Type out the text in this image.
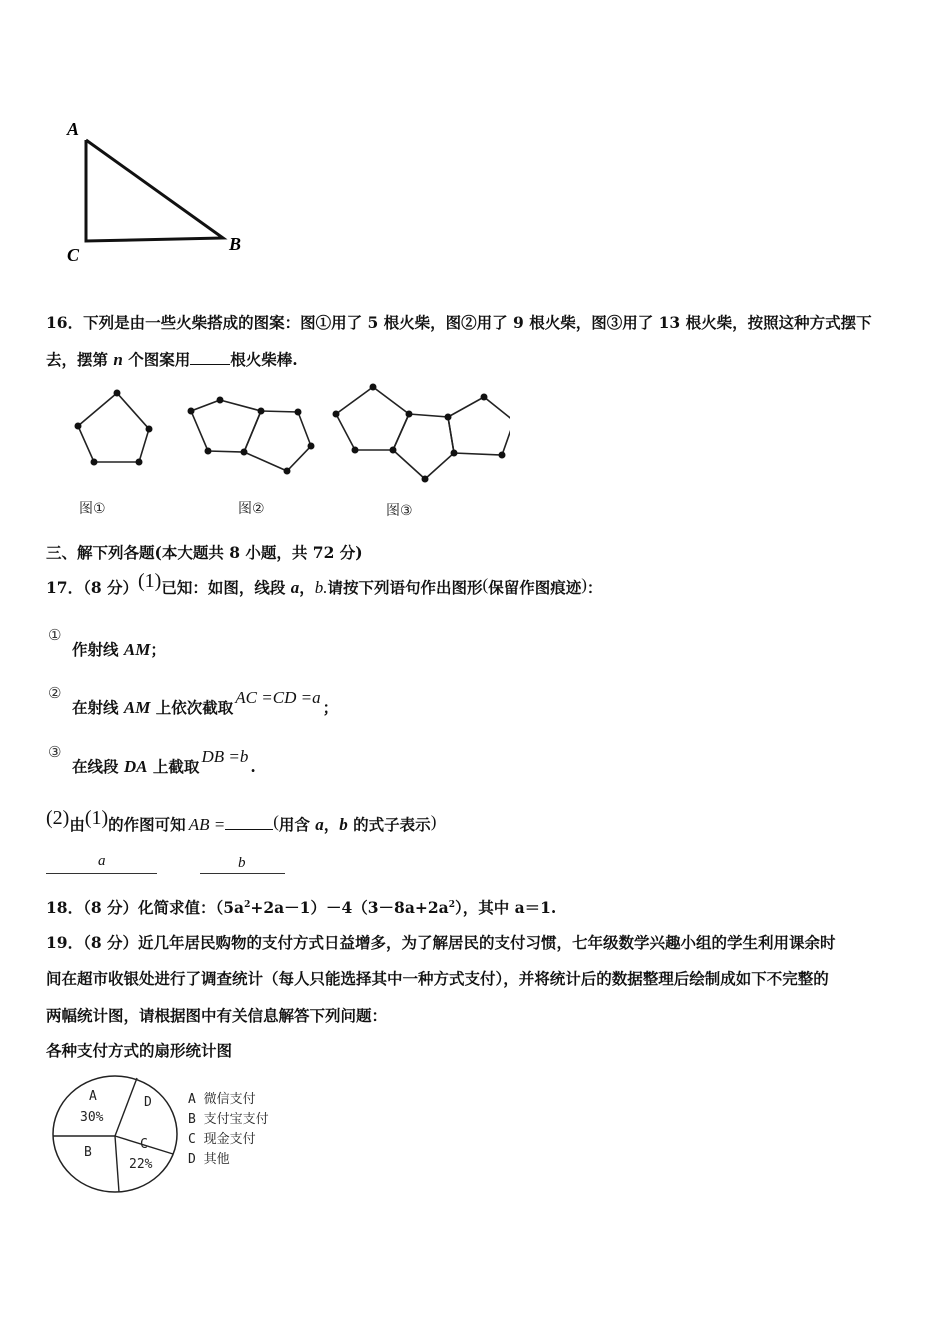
A
C
B
16．下列是由一些火柴搭成的图案：图①用了 5 根火柴，图②用了 9 根火柴，图③用了 13 根火柴，按照这种方式摆下
去，摆第 n 个图案用	根火柴棒.
图①	图②	图③
三、解下列各题(本大题共 8 小题，共 72 分)
17．（8 分）(1)已知：如图，线段 a，b.请按下列语句作出图形(保留作图痕迹)：
①
作射线 AM；
②
在射线 AM 上依次截取AC =CD =a；
③
在线段 DA 上截取DB =b.
(2)由(1)的作图可知 AB =	(用含 a，b 的式子表示)
a	b
18．（8 分）化简求值：$(5a^2+2a-1)-4(3-8a+2a^2)$，其中 a＝1.
19．（8 分）近几年居民购物的支付方式日益增多，为了解居民的支付习惯，七年级数学兴趣小组的学生利用课余时
间在超市收银处进行了调查统计（每人只能选择其中一种方式支付），并将统计后的数据整理后绘制成如下不完整的
两幅统计图，请根据图中有关信息解答下列问题：
各种支付方式的扇形统计图
A
30%
B
C
22%
D	A 微信支付
B 支付宝支付
C 现金支付
D 其他
